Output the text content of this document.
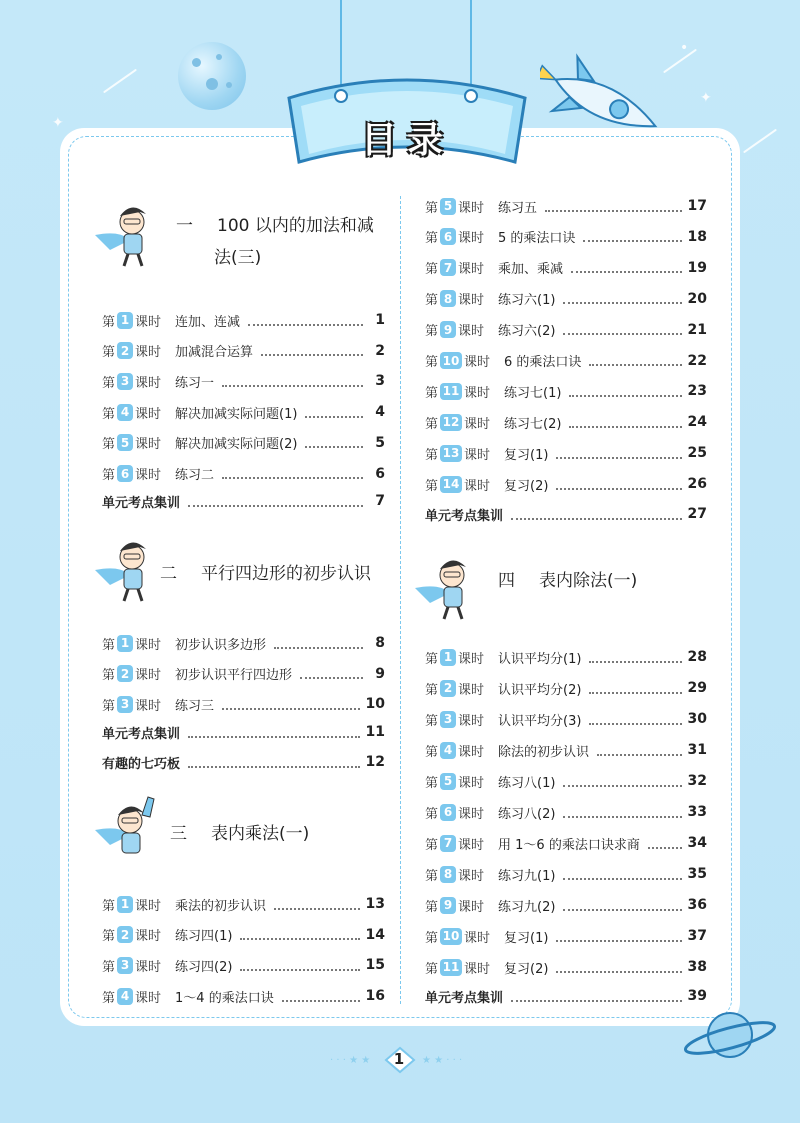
✦
•
✦
目录
一 100 以内的加法和减
法(三)
二 平行四边形的初步认识
三 表内乘法(一)
四 表内除法(一)
第 1 课时 连加、连减	1
第 2 课时 加减混合运算	2
第 3 课时 练习一	3
第 4 课时 解决加减实际问题(1)	4
第 5 课时 解决加减实际问题(2)	5
第 6 课时 练习二	6
单元考点集训	7
第 1 课时 初步认识多边形	8
第 2 课时 初步认识平行四边形	9
第 3 课时 练习三	10
单元考点集训	11
有趣的七巧板	12
第 1 课时 乘法的初步认识	13
第 2 课时 练习四(1)	14
第 3 课时 练习四(2)	15
第 4 课时 1～4 的乘法口诀	16
第 5 课时 练习五	17
第 6 课时 5 的乘法口诀	18
第 7 课时 乘加、乘减	19
第 8 课时 练习六(1)	20
第 9 课时 练习六(2)	21
第 10 课时 6 的乘法口诀	22
第 11 课时 练习七(1)	23
第 12 课时 练习七(2)	24
第 13 课时 复习(1)	25
第 14 课时 复习(2)	26
单元考点集训	27
第 1 课时 认识平均分(1)	28
第 2 课时 认识平均分(2)	29
第 3 课时 认识平均分(3)	30
第 4 课时 除法的初步认识	31
第 5 课时 练习八(1)	32
第 6 课时 练习八(2)	33
第 7 课时 用 1～6 的乘法口诀求商	34
第 8 课时 练习九(1)	35
第 9 课时 练习九(2)	36
第 10 课时 复习(1)	37
第 11 课时 复习(2)	38
单元考点集训	39
· · · ★ ★	★ ★ · · ·
1
